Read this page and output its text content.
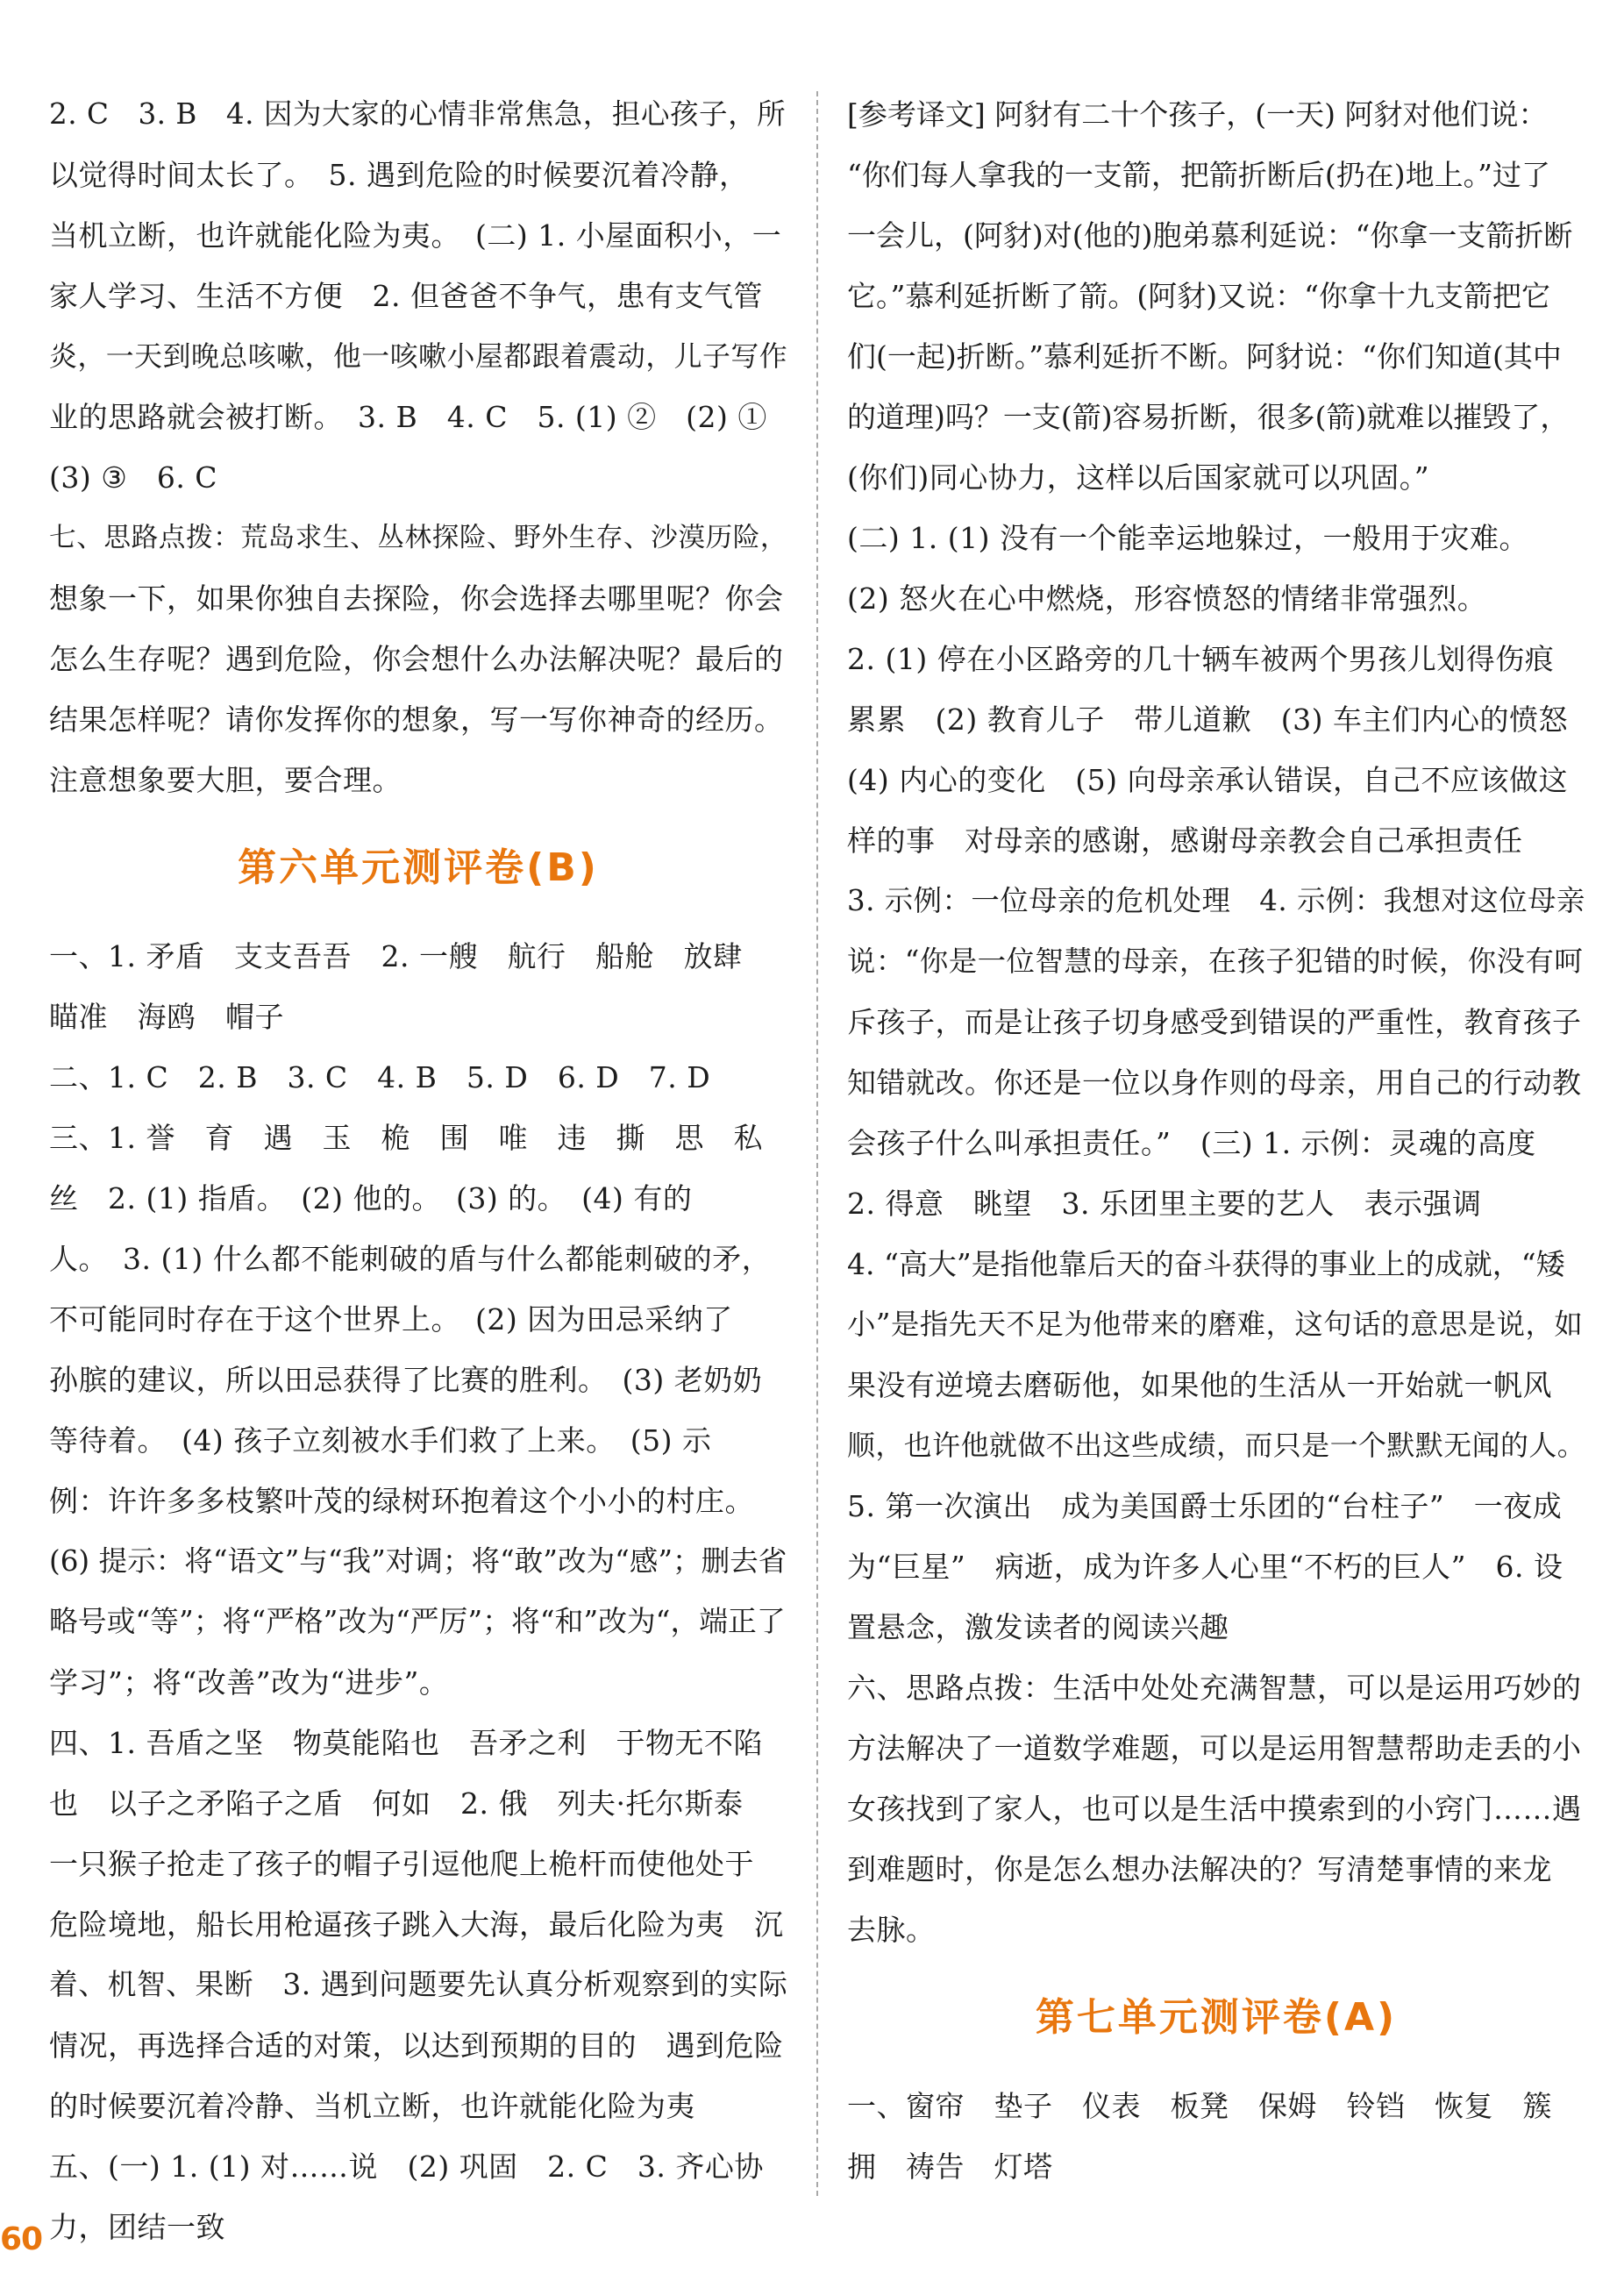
2. C　3. B　4. 因为大家的心情非常焦急，担心孩子，所
以觉得时间太长了。　5. 遇到危险的时候要沉着冷静，
当机立断，也许就能化险为夷。　(二) 1. 小屋面积小，一
家人学习、生活不方便　2. 但爸爸不争气，患有支气管
炎，一天到晚总咳嗽，他一咳嗽小屋都跟着震动，儿子写作
业的思路就会被打断。　3. B　4. C　5. (1) ②　(2) ①
(3) ③　6. C
七、思路点拨：荒岛求生、丛林探险、野外生存、沙漠历险，
想象一下，如果你独自去探险，你会选择去哪里呢？你会
怎么生存呢？遇到危险，你会想什么办法解决呢？最后的
结果怎样呢？请你发挥你的想象，写一写你神奇的经历。
注意想象要大胆，要合理。
第六单元测评卷(B)
一、1. 矛盾　支支吾吾　2. 一艘　航行　船舱　放肆
瞄准　海鸥　帽子
二、1. C　2. B　3. C　4. B　5. D　6. D　7. D
三、1. 誉　育　遇　玉　桅　围　唯　违　撕　思　私
丝　2. (1) 指盾。　(2) 他的。　(3) 的。　(4) 有的
人。　3. (1) 什么都不能刺破的盾与什么都能刺破的矛，
不可能同时存在于这个世界上。　(2) 因为田忌采纳了
孙膑的建议，所以田忌获得了比赛的胜利。　(3) 老奶奶
等待着。　(4) 孩子立刻被水手们救了上来。　(5) 示
例：许许多多枝繁叶茂的绿树环抱着这个小小的村庄。
(6) 提示：将“语文”与“我”对调；将“敢”改为“感”；删去省
略号或“等”；将“严格”改为“严厉”；将“和”改为“，端正了
学习”；将“改善”改为“进步”。
四、1. 吾盾之坚　物莫能陷也　吾矛之利　于物无不陷
也　以子之矛陷子之盾　何如　2. 俄　列夫·托尔斯泰
一只猴子抢走了孩子的帽子引逗他爬上桅杆而使他处于
危险境地，船长用枪逼孩子跳入大海，最后化险为夷　沉
着、机智、果断　3. 遇到问题要先认真分析观察到的实际
情况，再选择合适的对策，以达到预期的目的　遇到危险
的时候要沉着冷静、当机立断，也许就能化险为夷
五、(一) 1. (1) 对……说　(2) 巩固　2. C　3. 齐心协
力，团结一致
[参考译文] 阿豺有二十个孩子，(一天) 阿豺对他们说：
“你们每人拿我的一支箭，把箭折断后(扔在)地上。”过了
一会儿，(阿豺)对(他的)胞弟慕利延说：“你拿一支箭折断
它。”慕利延折断了箭。(阿豺)又说：“你拿十九支箭把它
们(一起)折断。”慕利延折不断。阿豺说：“你们知道(其中
的道理)吗？一支(箭)容易折断，很多(箭)就难以摧毁了，
(你们)同心协力，这样以后国家就可以巩固。”
(二) 1. (1) 没有一个能幸运地躲过，一般用于灾难。
(2) 怒火在心中燃烧，形容愤怒的情绪非常强烈。
2. (1) 停在小区路旁的几十辆车被两个男孩儿划得伤痕
累累　(2) 教育儿子　带儿道歉　(3) 车主们内心的愤怒
(4) 内心的变化　(5) 向母亲承认错误，自己不应该做这
样的事　对母亲的感谢，感谢母亲教会自己承担责任
3. 示例：一位母亲的危机处理　4. 示例：我想对这位母亲
说：“你是一位智慧的母亲，在孩子犯错的时候，你没有呵
斥孩子，而是让孩子切身感受到错误的严重性，教育孩子
知错就改。你还是一位以身作则的母亲，用自己的行动教
会孩子什么叫承担责任。”　(三) 1. 示例：灵魂的高度
2. 得意　眺望　3. 乐团里主要的艺人　表示强调
4. “高大”是指他靠后天的奋斗获得的事业上的成就，“矮
小”是指先天不足为他带来的磨难，这句话的意思是说，如
果没有逆境去磨砺他，如果他的生活从一开始就一帆风
顺，也许他就做不出这些成绩，而只是一个默默无闻的人。
5. 第一次演出　成为美国爵士乐团的“台柱子”　一夜成
为“巨星”　病逝，成为许多人心里“不朽的巨人”　6. 设
置悬念，激发读者的阅读兴趣
六、思路点拨：生活中处处充满智慧，可以是运用巧妙的
方法解决了一道数学难题，可以是运用智慧帮助走丢的小
女孩找到了家人，也可以是生活中摸索到的小窍门……遇
到难题时，你是怎么想办法解决的？写清楚事情的来龙
去脉。
第七单元测评卷(A)
一、窗帘　垫子　仪表　板凳　保姆　铃铛　恢复　簇
拥　祷告　灯塔
60
